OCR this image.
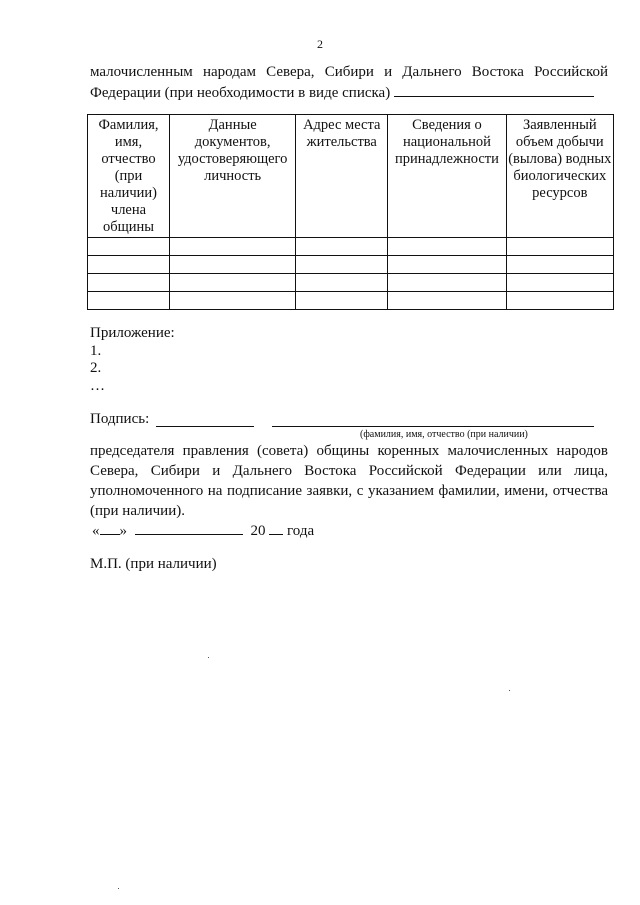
2
малочисленным народам Севера, Сибири и Дальнего Востока Российской Федерации (при необходимости в виде списка)
Фамилия, имя, отчество (при наличии) члена общины	Данные документов, удостоверяющего личность	Адрес места жительства	Сведения о национальной принадлежности	Заявленный объем добычи (вылова) водных биологических ресурсов

Приложение:
1.
2.
…
Подпись:
(фамилия, имя, отчество (при наличии)
председателя правления (совета) общины коренных малочисленных народов Севера, Сибири и Дальнего Востока Российской Федерации или лица, уполномоченного на подписание заявки, с указанием фамилии, имени, отчества (при наличии).
« »	20 года
М.П. (при наличии)
